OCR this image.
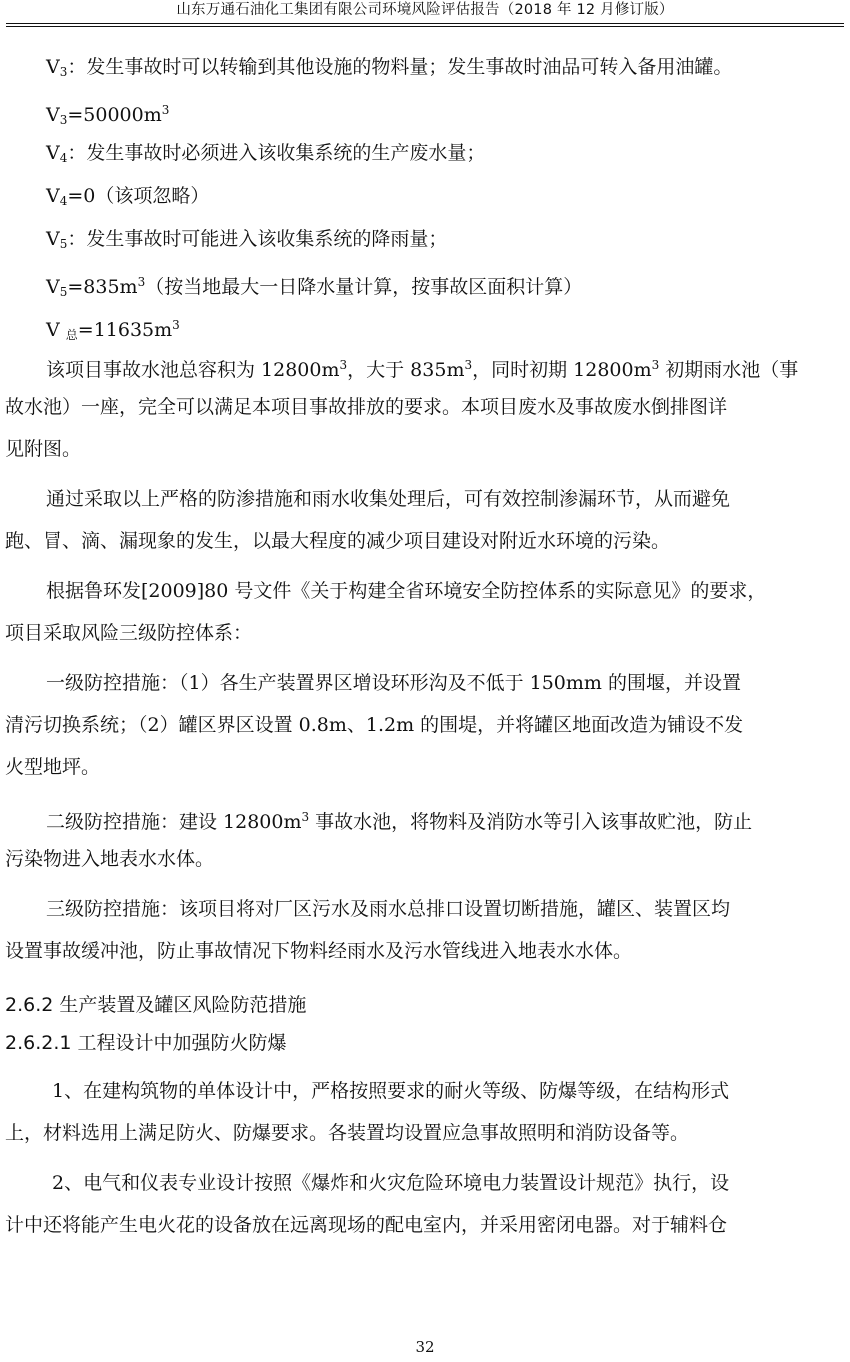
山东万通石油化工集团有限公司环境风险评估报告（2018 年 12 月修订版）
$V_3$：发生事故时可以转输到其他设施的物料量；发生事故时油品可转入备用油罐。
$V_3=50000m^3$
$V_4$：发生事故时必须进入该收集系统的生产废水量；
$V_4=0$（该项忽略）
$V_5$：发生事故时可能进入该收集系统的降雨量；
$V_5=835m^3$（按当地最大一日降水量计算，按事故区面积计算）
V $_总=11635m^3$
该项目事故水池总容积为 $12800m^3$，大于 $835m^3$，同时初期 $12800m^3$ 初期雨水池（事
故水池）一座，完全可以满足本项目事故排放的要求。本项目废水及事故废水倒排图详
见附图。
通过采取以上严格的防渗措施和雨水收集处理后，可有效控制渗漏环节，从而避免
跑、冒、滴、漏现象的发生，以最大程度的减少项目建设对附近水环境的污染。
根据鲁环发[2009]80 号文件《关于构建全省环境安全防控体系的实际意见》的要求，
项目采取风险三级防控体系：
一级防控措施：（1）各生产装置界区增设环形沟及不低于 150mm 的围堰，并设置
清污切换系统；（2）罐区界区设置 0.8m、1.2m 的围堤，并将罐区地面改造为铺设不发
火型地坪。
二级防控措施：建设 $12800m^3$ 事故水池，将物料及消防水等引入该事故贮池，防止
污染物进入地表水水体。
三级防控措施：该项目将对厂区污水及雨水总排口设置切断措施，罐区、装置区均
设置事故缓冲池，防止事故情况下物料经雨水及污水管线进入地表水水体。
2.6.2 生产装置及罐区风险防范措施
2.6.2.1 工程设计中加强防火防爆
1、在建构筑物的单体设计中，严格按照要求的耐火等级、防爆等级，在结构形式
上，材料选用上满足防火、防爆要求。各装置均设置应急事故照明和消防设备等。
2、电气和仪表专业设计按照《爆炸和火灾危险环境电力装置设计规范》执行，设
计中还将能产生电火花的设备放在远离现场的配电室内，并采用密闭电器。对于辅料仓
32
